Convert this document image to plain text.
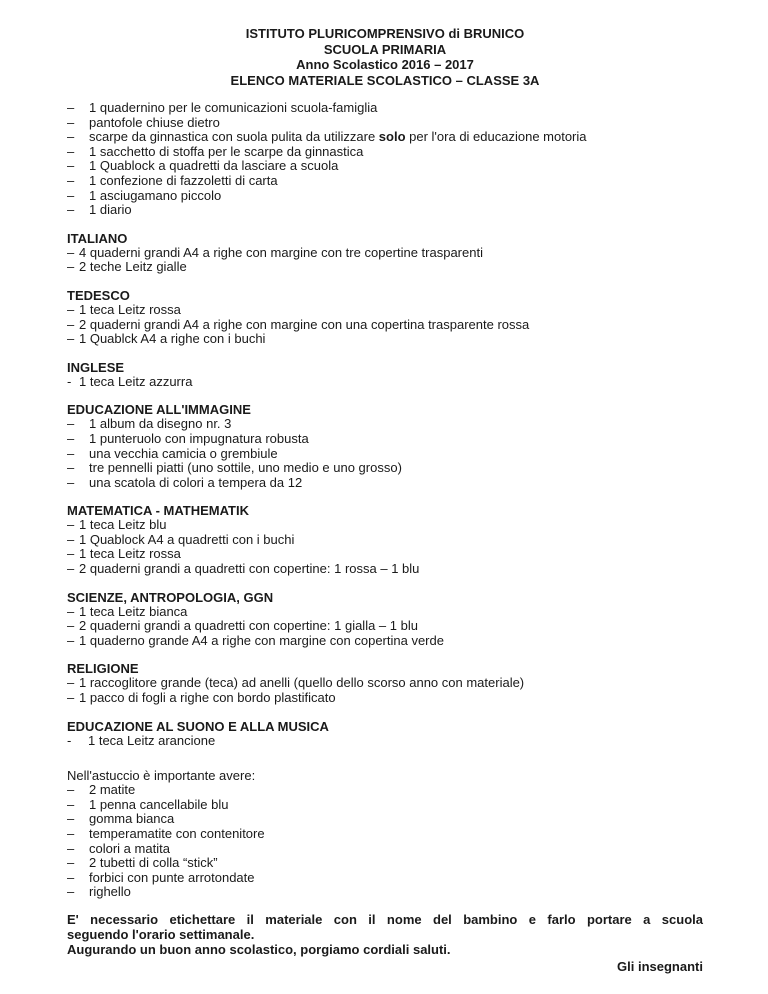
ISTITUTO PLURICOMPRENSIVO di BRUNICO
SCUOLA PRIMARIA
Anno Scolastico 2016 – 2017
ELENCO MATERIALE SCOLASTICO – CLASSE 3A
– 1 quadernino per le comunicazioni scuola-famiglia
– pantofole chiuse dietro
– scarpe da ginnastica con suola pulita da utilizzare solo per l'ora di educazione motoria
– 1 sacchetto di stoffa per le scarpe da ginnastica
– 1 Quablock a quadretti da lasciare a scuola
– 1 confezione di fazzoletti di carta
– 1 asciugamano piccolo
– 1 diario
ITALIANO
– 4 quaderni grandi A4 a righe con margine con tre copertine trasparenti
– 2 teche Leitz gialle
TEDESCO
– 1 teca Leitz rossa
– 2 quaderni grandi A4 a righe con margine con una copertina trasparente rossa
– 1 Quablck A4 a righe con i buchi
INGLESE
- 1 teca Leitz azzurra
EDUCAZIONE ALL'IMMAGINE
– 1 album da disegno nr. 3
– 1 punteruolo con impugnatura robusta
– una vecchia camicia o grembiule
– tre pennelli piatti (uno sottile, uno medio e uno grosso)
– una scatola di colori a tempera da 12
MATEMATICA - MATHEMATIK
– 1 teca Leitz blu
– 1 Quablock A4 a quadretti con i buchi
– 1 teca Leitz rossa
– 2 quaderni grandi a quadretti con copertine: 1 rossa – 1 blu
SCIENZE, ANTROPOLOGIA, GGN
– 1 teca Leitz bianca
– 2 quaderni grandi a quadretti con copertine: 1 gialla – 1 blu
– 1 quaderno grande A4 a righe con margine con copertina verde
RELIGIONE
– 1 raccoglitore grande (teca) ad anelli (quello dello scorso anno con materiale)
– 1 pacco di fogli a righe con bordo plastificato
EDUCAZIONE AL SUONO E ALLA MUSICA
- 1 teca Leitz arancione

Nell'astuccio è importante avere:

– 2 matite
– 1 penna cancellabile blu
– gomma bianca
– temperamatite con contenitore
– colori a matita
– 2 tubetti di colla “stick”
– forbici con punte arrotondate
– righello
E' necessario etichettare il materiale con il nome del bambino e farlo portare a scuola
seguendo l'orario settimanale.
Augurando un buon anno scolastico, porgiamo cordiali saluti.
Gli insegnanti
